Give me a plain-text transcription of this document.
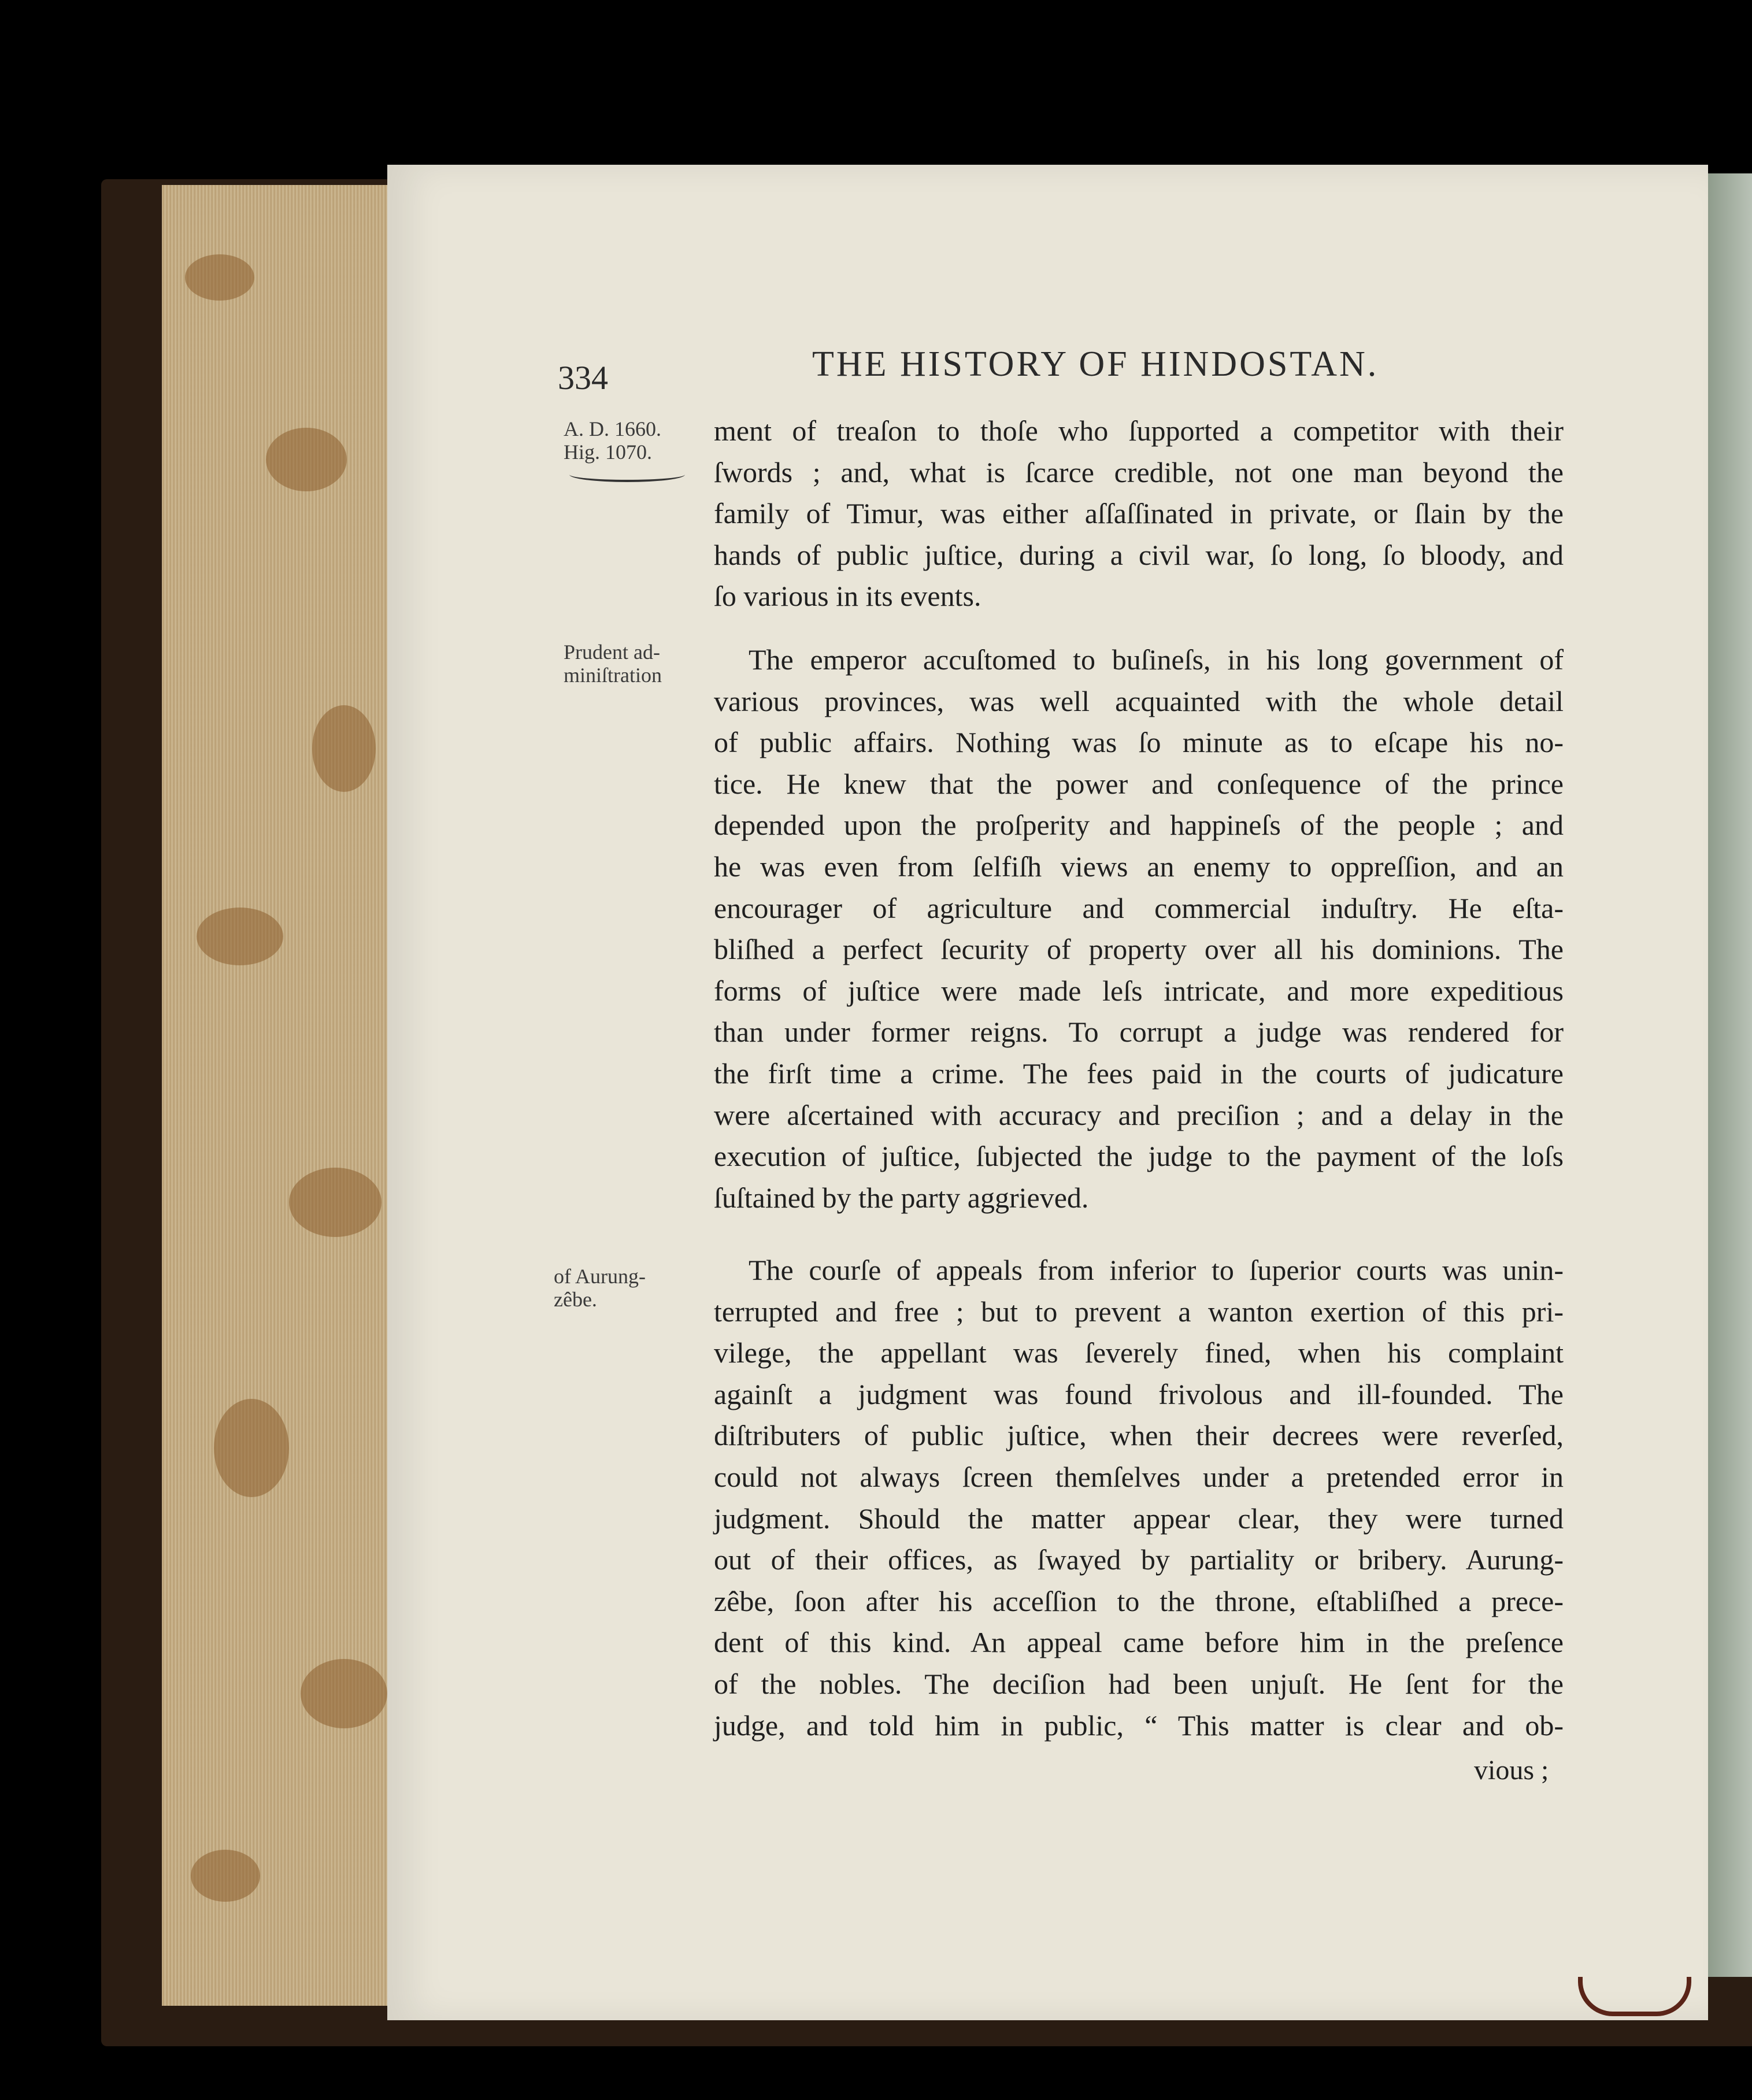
334	THE HISTORY OF HINDOSTAN.
A. D. 1660.
Hig. 1070.
Prudent ad-
miniſtration
of Aurung-
zêbe.
ment of treaſon to thoſe who ſupported a competitor with their
ſwords ; and, what is ſcarce credible, not one man beyond the
family of Timur, was either aſſaſſinated in private, or ſlain by the
hands of public juſtice, during a civil war, ſo long, ſo bloody, and
ſo various in its events.
The emperor accuſtomed to buſineſs, in his long government of
various provinces, was well acquainted with the whole detail
of public affairs. Nothing was ſo minute as to eſcape his no-
tice. He knew that the power and conſequence of the prince
depended upon the proſperity and happineſs of the people ; and
he was even from ſelfiſh views an enemy to oppreſſion, and an
encourager of agriculture and commercial induſtry. He eſta-
bliſhed a perfect ſecurity of property over all his dominions. The
forms of juſtice were made leſs intricate, and more expeditious
than under former reigns. To corrupt a judge was rendered for
the firſt time a crime. The fees paid in the courts of judicature
were aſcertained with accuracy and preciſion ; and a delay in the
execution of juſtice, ſubjected the judge to the payment of the loſs
ſuſtained by the party aggrieved.
The courſe of appeals from inferior to ſuperior courts was unin-
terrupted and free ; but to prevent a wanton exertion of this pri-
vilege, the appellant was ſeverely fined, when his complaint
againſt a judgment was found frivolous and ill-founded. The
diſtributers of public juſtice, when their decrees were reverſed,
could not always ſcreen themſelves under a pretended error in
judgment. Should the matter appear clear, they were turned
out of their offices, as ſwayed by partiality or bribery. Aurung-
zêbe, ſoon after his acceſſion to the throne, eſtabliſhed a prece-
dent of this kind. An appeal came before him in the preſence
of the nobles. The deciſion had been unjuſt. He ſent for the
judge, and told him in public, “ This matter is clear and ob-
vious ;
